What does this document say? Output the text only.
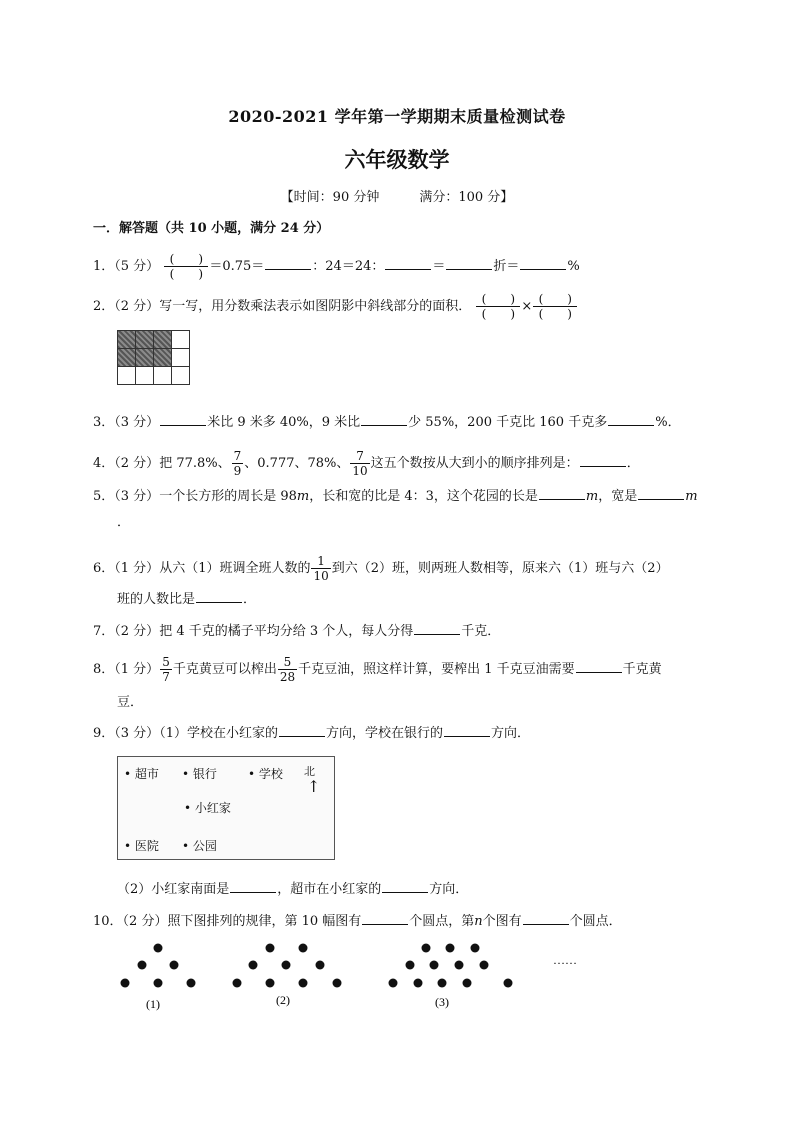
2020-2021 学年第一学期期末质量检测试卷
六年级数学
【时间：90 分钟	满分：100 分】
一．解答题（共 10 小题，满分 24 分）
1．（5 分） $\frac{( )}{( )} =0.75=$	：24＝24：	＝	折＝	%
2．（2 分）写一写，用分数乘法表示如图阴影中斜线部分的面积． $\frac{( )}{( )} \times \frac{( )}{( )}$

3．（3 分）	米比 9 米多 40%，9 米比	少 55%，200 千克比 160 千克多	%．
4．（2 分）把 77.8%、 $\frac{7}{9}$ 、0.777、78%、 $\frac{7}{10}$ 这五个数按从大到小的顺序排列是：	．
5．（3 分）一个长方形的周长是 98m，长和宽的比是 4：3，这个花园的长是	m，宽是	m
．
6．（1 分）从六（1）班调全班人数的 $\frac{1}{10}$ 到六（2）班，则两班人数相等，原来六（1）班与六（2）
班的人数比是	．
7．（2 分）把 4 千克的橘子平均分给 3 个人，每人分得	千克．
8．（1 分） $\frac{5}{7}$ 千克黄豆可以榨出 $\frac{5}{28}$ 千克豆油，照这样计算，要榨出 1 千克豆油需要	千克黄
豆．
9．（3 分）（1）学校在小红家的	方向，学校在银行的	方向．
• 超市 • 银行	• 学校 北
↑
• 小红家
• 医院 • 公园
（2）小红家南面是	，超市在小红家的	方向．
10．（2 分）照下图排列的规律，第 10 幅图有	个圆点，第n个图有	个圆点．
(1)	(2)	(3)
……
